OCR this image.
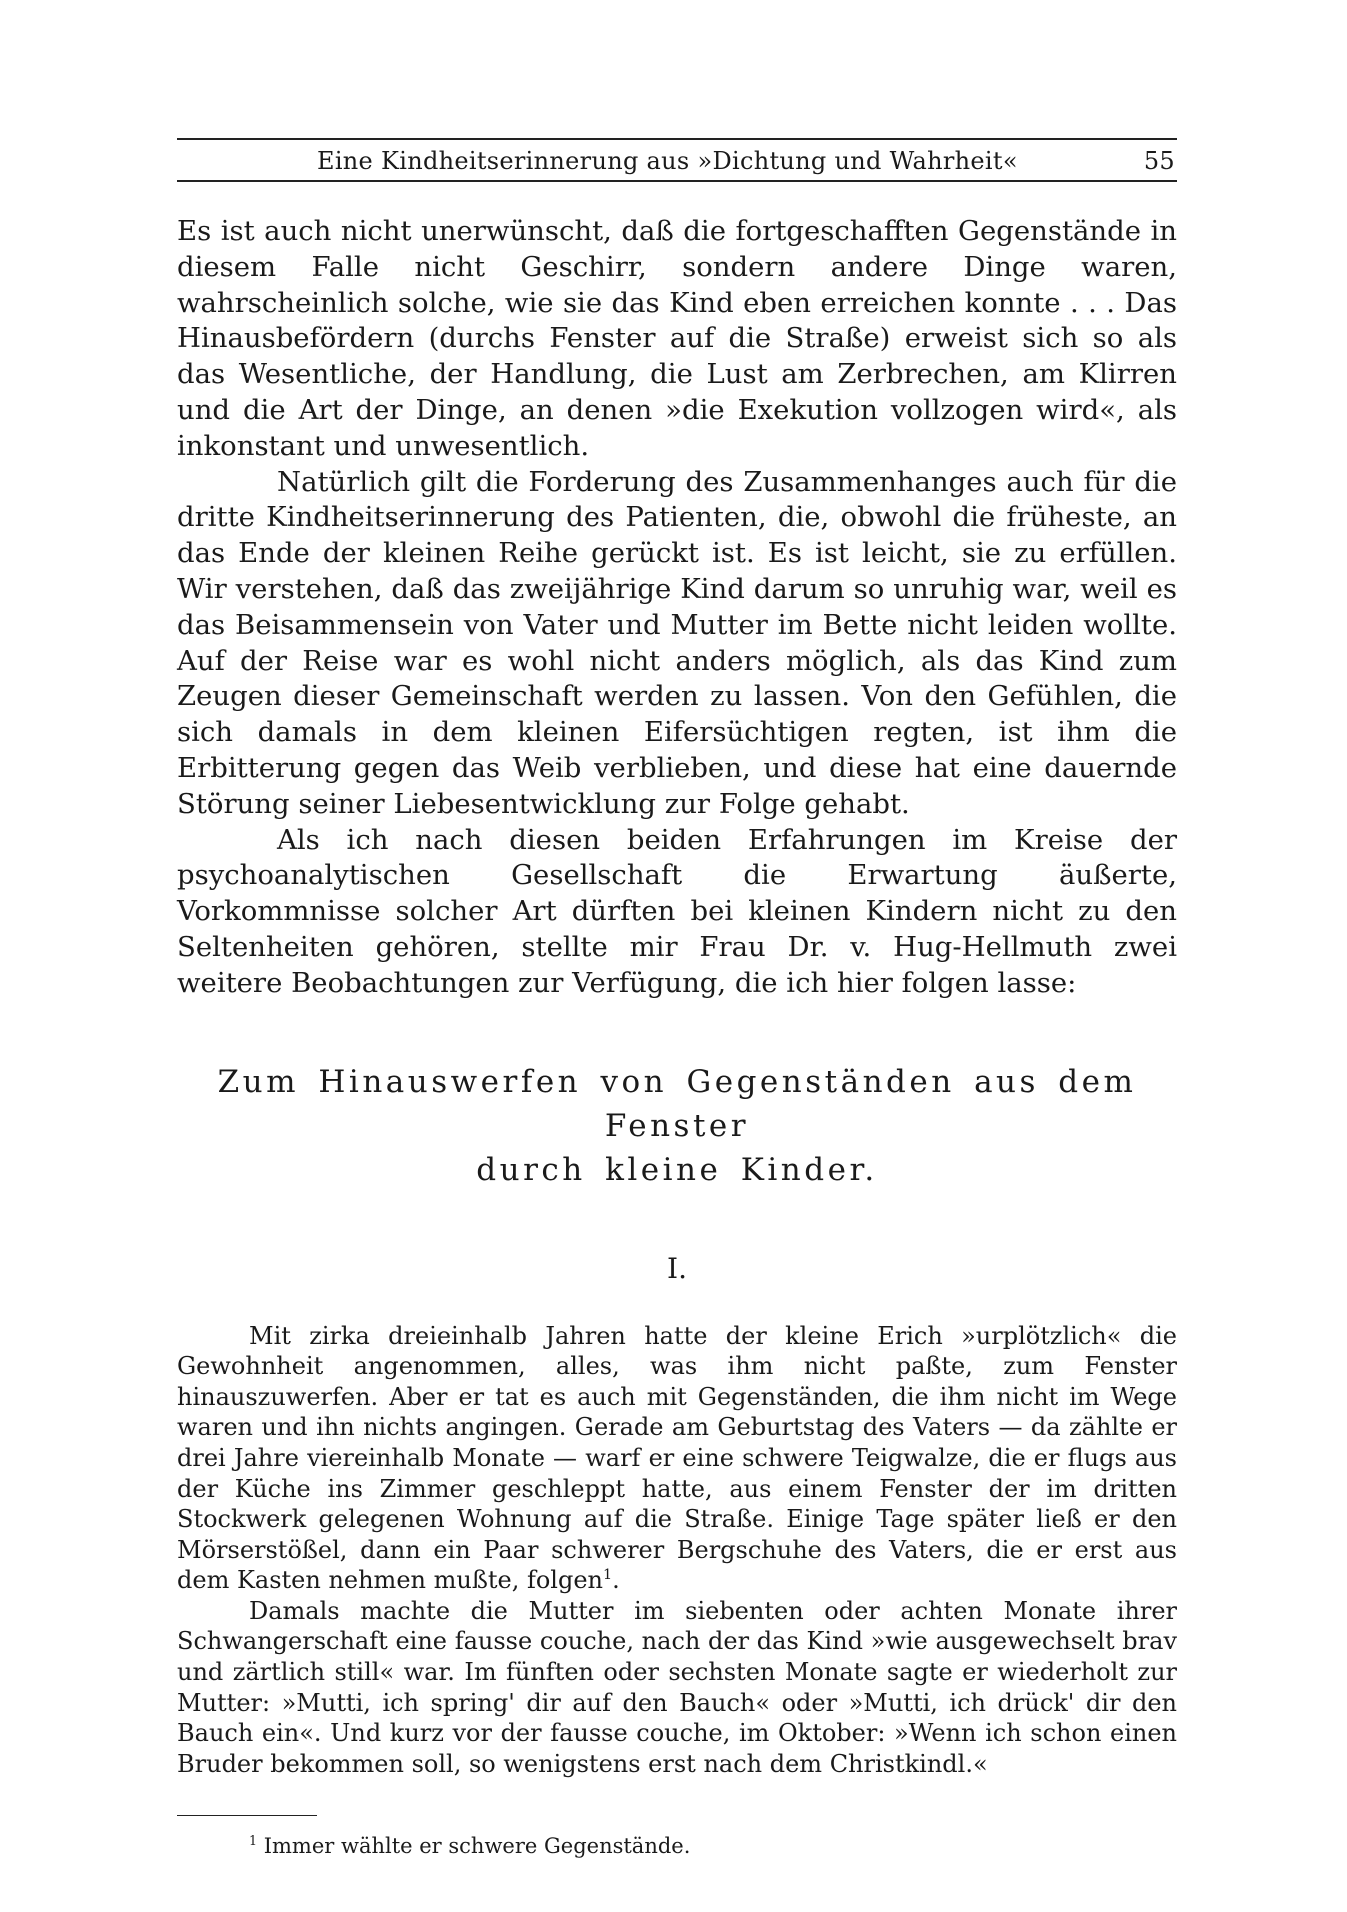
Eine Kindheitserinnerung aus »Dichtung und Wahrheit«	55

Es ist auch nicht unerwünscht, daß die fortgeschafften Gegenstände in diesem Falle nicht Geschirr, sondern andere Dinge waren, wahrscheinlich solche, wie sie das Kind eben erreichen konnte . . . Das Hinausbefördern (durchs Fenster auf die Straße) erweist sich so als das Wesentliche, der Handlung, die Lust am Zerbrechen, am Klirren und die Art der Dinge, an denen »die Exekution vollzogen wird«, als inkonstant und unwesentlich.

Natürlich gilt die Forderung des Zusammenhanges auch für die dritte Kindheitserinnerung des Patienten, die, obwohl die früheste, an das Ende der kleinen Reihe gerückt ist. Es ist leicht, sie zu erfüllen. Wir verstehen, daß das zweijährige Kind darum so unruhig war, weil es das Beisammensein von Vater und Mutter im Bette nicht leiden wollte. Auf der Reise war es wohl nicht anders möglich, als das Kind zum Zeugen dieser Gemeinschaft werden zu lassen. Von den Gefühlen, die sich damals in dem kleinen Eifersüchtigen regten, ist ihm die Erbitterung gegen das Weib verblieben, und diese hat eine dauernde Störung seiner Liebesentwicklung zur Folge gehabt.

Als ich nach diesen beiden Erfahrungen im Kreise der psychoanalytischen Gesellschaft die Erwartung äußerte, Vorkommnisse solcher Art dürften bei kleinen Kindern nicht zu den Seltenheiten gehören, stellte mir Frau Dr. v. Hug-Hellmuth zwei weitere Beobachtungen zur Verfügung, die ich hier folgen lasse:

Zum Hinauswerfen von Gegenständen aus dem Fenster
durch kleine Kinder.
I.

Mit zirka dreieinhalb Jahren hatte der kleine Erich »urplötzlich« die Gewohnheit angenommen, alles, was ihm nicht paßte, zum Fenster hinauszuwerfen. Aber er tat es auch mit Gegenständen, die ihm nicht im Wege waren und ihn nichts angingen. Gerade am Geburtstag des Vaters — da zählte er drei Jahre viereinhalb Monate — warf er eine schwere Teigwalze, die er flugs aus der Küche ins Zimmer geschleppt hatte, aus einem Fenster der im dritten Stockwerk gelegenen Wohnung auf die Straße. Einige Tage später ließ er den Mörserstößel, dann ein Paar schwerer Bergschuhe des Vaters, die er erst aus dem Kasten nehmen mußte, folgen$^1$.

Damals machte die Mutter im siebenten oder achten Monate ihrer Schwangerschaft eine fausse couche, nach der das Kind »wie ausgewechselt brav und zärtlich still« war. Im fünften oder sechsten Monate sagte er wiederholt zur Mutter: »Mutti, ich spring' dir auf den Bauch« oder »Mutti, ich drück' dir den Bauch ein«. Und kurz vor der fausse couche, im Oktober: »Wenn ich schon einen Bruder bekommen soll, so wenigstens erst nach dem Christkindl.«

$^1$ Immer wählte er schwere Gegenstände.
